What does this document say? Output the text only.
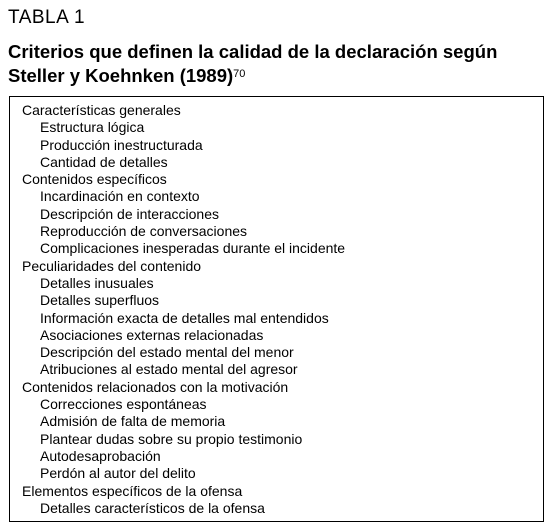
TABLA 1
Criterios que definen la calidad de la declaración según Steller y Koehnken (1989)$^{70}$
Características generales
Estructura lógica
Producción inestructurada
Cantidad de detalles
Contenidos específicos
Incardinación en contexto
Descripción de interacciones
Reproducción de conversaciones
Complicaciones inesperadas durante el incidente
Peculiaridades del contenido
Detalles inusuales
Detalles superfluos
Información exacta de detalles mal entendidos
Asociaciones externas relacionadas
Descripción del estado mental del menor
Atribuciones al estado mental del agresor
Contenidos relacionados con la motivación
Correcciones espontáneas
Admisión de falta de memoria
Plantear dudas sobre su propio testimonio
Autodesaprobación
Perdón al autor del delito
Elementos específicos de la ofensa
Detalles característicos de la ofensa
